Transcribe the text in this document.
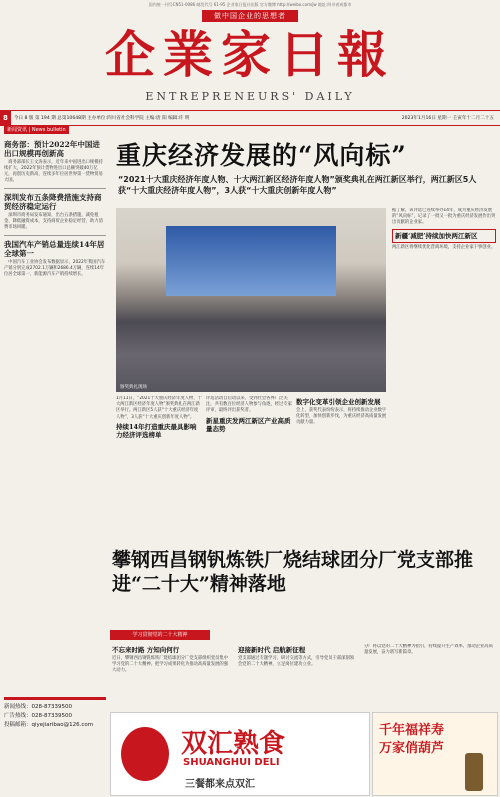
国内统一刊号CN51-0086 邮发代号 61-95 企业家日报社出版 官方微博 http://weibo.com/jw 地址:四川省成都市
做中国企业的思想者
企業家日報
ENTREPRENEURS' DAILY
8	今日 8 版 第 194 期 总第10648期 主办单位:四川省社会科学院 主编:唐 阳 编辑:许 明	2023年1月16日 星期一 壬寅年十二月二十五
新闻资讯 | News bulletin
商务部：预计2022年中国进出口规模再创新高

商务部部长王文涛表示，近年来中国进出口规模持续扩大，2022年预计货物进出口总额突破40万亿元，再创历史新高，连续多年位居世界第一货物贸易大国。

深圳发布五条降费措施支持商贸经济稳定运行

深圳市商务局发布通知，出台五条措施，减免租金、降低融资成本，支持商贸企业稳定经营，助力消费市场回暖。

我国汽车产销总量连续14年居全球第一

中国汽车工业协会发布数据显示，2022年我国汽车产销分别完成2702.1万辆和2686.4万辆，连续14年位居全球第一，新能源汽车产销持续增长。

新闻热线：028-87339500
广告热线：028-87339500
投稿邮箱：qiyejiaribao@126.com
重庆经济发展的“风向标”
“2021十大重庆经济年度人物、十大两江新区经济年度人物”颁奖典礼在两江新区举行，两江新区5人获“十大重庆经济年度人物”，3人获“十大重庆创新年度人物”
颁奖典礼现场
据了解，该评选已连续举办14年，成为重庆经济发展的“风向标”，记录了一批又一批为重庆经济发展作出突出贡献的企业家。
新疆‘减肥’持续加快两江新区
两江新区将继续优化营商环境，支持企业家干事创业。
1月11日，“2021十大重庆经济年度人物、十大两江新区经济年度人物”颁奖典礼在两江新区举行。两江新区5人获“十大重庆经济年度人物”，3人获“十大重庆创新年度人物”。
持续14年打造重庆最具影响力经济评选榜单
评选活动自启动以来，受到社会各界广泛关注，共有数百位经济人物参与角逐，经过专家评审，最终评出获奖者。
新星重庆发两江新区产业高质量态势
数字化变革引领企业创新发展
会上，获奖代表纷纷表示，将持续推动企业数字化转型，加快创新步伐，为重庆经济高质量发展贡献力量。
攀钢西昌钢钒炼铁厂烧结球团分厂党支部推进“二十大”精神落地
学习贯彻党的二十大精神
不忘来时路 方知向何行
近日，攀钢西昌钢钒炼铁厂烧结球团分厂党支部组织党员集中学习党的二十大精神，把学习成果转化为推动高质量发展的强大动力。
迎接新时代 启航新征程
党支部通过专题学习、研讨交流等方式，引导党员干部深刻领会党的二十大精神，立足岗位建功立业。
分厂将以党的二十大精神为指引，持续提升生产效率，推动企业高质量发展，奋力谱写新篇章。
双汇熟食
SHUANGHUI DELI
三餐都来点双汇
千年福祥寿
万家俏葫芦
